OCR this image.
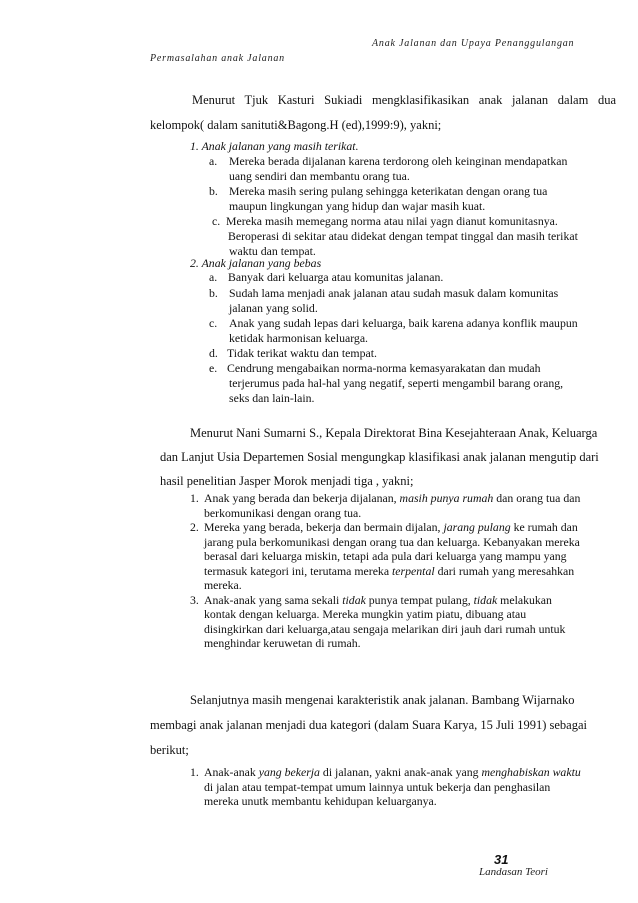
Anak Jalanan dan Upaya Penanggulangan
Permasalahan anak Jalanan
Menurut Tjuk Kasturi Sukiadi mengklasifikasikan anak jalanan dalam dua
kelompok( dalam sanituti&Bagong.H (ed),1999:9), yakni;
1. Anak jalanan yang masih terikat.
a. Mereka berada dijalanan karena terdorong oleh keinginan mendapatkan
uang sendiri dan membantu orang tua.
b. Mereka masih sering pulang sehingga keterikatan dengan orang tua
maupun lingkungan yang hidup dan wajar masih kuat.
c. Mereka masih memegang norma atau nilai yagn dianut komunitasnya.
Beroperasi di sekitar atau didekat dengan tempat tinggal dan masih terikat
waktu dan tempat.
2. Anak jalanan yang bebas
a. Banyak dari keluarga atau komunitas jalanan.
b. Sudah lama menjadi anak jalanan atau sudah masuk dalam komunitas
jalanan yang solid.
c. Anak yang sudah lepas dari keluarga, baik karena adanya konflik maupun
ketidak harmonisan keluarga.
d. Tidak terikat waktu dan tempat.
e. Cendrung mengabaikan norma-norma kemasyarakatan dan mudah
terjerumus pada hal-hal yang negatif, seperti mengambil barang orang,
seks dan lain-lain.
Menurut Nani Sumarni S., Kepala Direktorat Bina Kesejahteraan Anak, Keluarga
dan Lanjut Usia Departemen Sosial mengungkap klasifikasi anak jalanan mengutip dari
hasil penelitian Jasper Morok menjadi tiga , yakni;
1. Anak yang berada dan bekerja dijalanan, masih punya rumah dan orang tua dan
berkomunikasi dengan orang tua.
2. Mereka yang berada, bekerja dan bermain dijalan, jarang pulang ke rumah dan
jarang pula berkomunikasi dengan orang tua dan keluarga. Kebanyakan mereka
berasal dari keluarga miskin, tetapi ada pula dari keluarga yang mampu yang
termasuk kategori ini, terutama mereka terpental dari rumah yang meresahkan
mereka.
3. Anak-anak yang sama sekali tidak punya tempat pulang, tidak melakukan
kontak dengan keluarga. Mereka mungkin yatim piatu, dibuang atau
disingkirkan dari keluarga,atau sengaja melarikan diri jauh dari rumah untuk
menghindar keruwetan di rumah.
Selanjutnya masih mengenai karakteristik anak jalanan. Bambang Wijarnako
membagi anak jalanan menjadi dua kategori (dalam Suara Karya, 15 Juli 1991) sebagai
berikut;
1. Anak-anak yang bekerja di jalanan, yakni anak-anak yang menghabiskan waktu
di jalan atau tempat-tempat umum lainnya untuk bekerja dan penghasilan
mereka unutk membantu kehidupan keluarganya.
31
Landasan Teori
